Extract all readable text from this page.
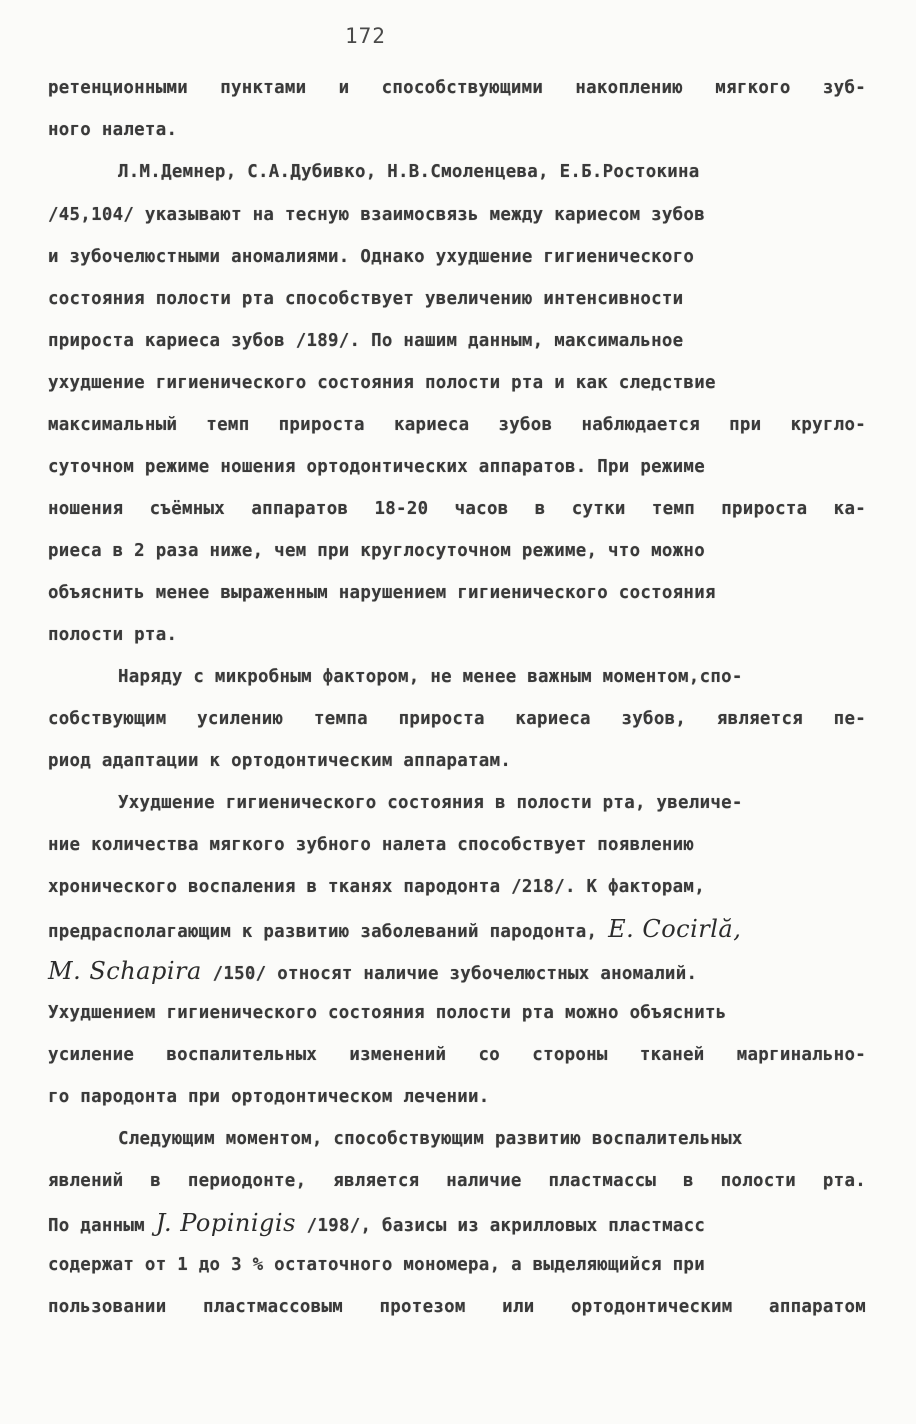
172
ретенционными пунктами и способствующими накоплению мягкого зуб-
ного налета.
Л.М.Демнер, С.А.Дубивко, Н.В.Смоленцева, Е.Б.Ростокина
/45,104/ указывают на тесную взаимосвязь между кариесом зубов
и зубочелюстными аномалиями. Однако ухудшение гигиенического
состояния полости рта способствует увеличению интенсивности
прироста кариеса зубов /189/. По нашим данным, максимальное
ухудшение гигиенического состояния полости рта и как следствие
максимальный темп прироста кариеса зубов наблюдается при кругло-
суточном режиме ношения ортодонтических аппаратов. При режиме
ношения съёмных аппаратов 18-20 часов в сутки темп прироста ка-
риеса в 2 раза ниже, чем при круглосуточном режиме, что можно
объяснить менее выраженным нарушением гигиенического состояния
полости рта.
Наряду с микробным фактором, не менее важным моментом,спо-
собствующим усилению темпа прироста кариеса зубов, является пе-
риод адаптации к ортодонтическим аппаратам.
Ухудшение гигиенического состояния в полости рта, увеличе-
ние количества мягкого зубного налета способствует появлению
хронического воспаления в тканях пародонта /218/. К факторам,
предрасполагающим к развитию заболеваний пародонта, E. Cocirlă,
M. Schapira /150/ относят наличие зубочелюстных аномалий.
Ухудшением гигиенического состояния полости рта можно объяснить
усиление воспалительных изменений со стороны тканей маргинально-
го пародонта при ортодонтическом лечении.
Следующим моментом, способствующим развитию воспалительных
явлений в периодонте, является наличие пластмассы в полости рта.
По данным J. Popinigis /198/, базисы из акрилловых пластмасс
содержат от 1 до 3 % остаточного мономера, а выделяющийся при
пользовании пластмассовым протезом или ортодонтическим аппаратом
